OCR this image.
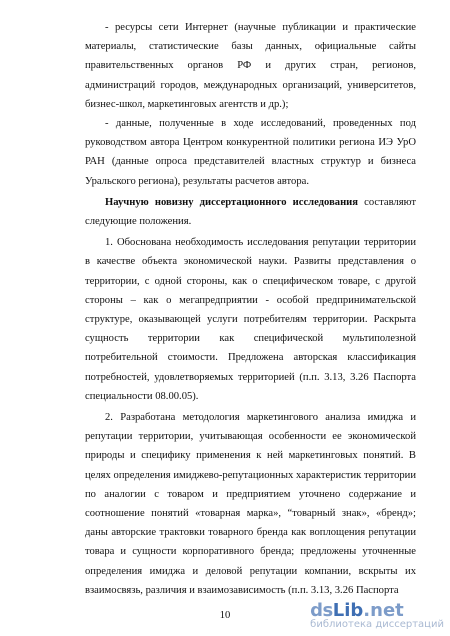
- ресурсы сети Интернет (научные публикации и практические материалы, статистические базы данных, официальные сайты правительственных органов РФ и других стран, регионов, администраций городов, международных организаций, университетов, бизнес-школ, маркетинговых агентств и др.);

- данные, полученные в ходе исследований, проведенных под руководством автора Центром конкурентной политики региона ИЭ УрО РАН (данные опроса представителей властных структур и бизнеса Уральского региона), результаты расчетов автора.

Научную новизну диссертационного исследования составляют следующие положения.

1. Обоснована необходимость исследования репутации территории в качестве объекта экономической науки. Развиты представления о территории, с одной стороны, как о специфическом товаре, с другой стороны – как о мегапредприятии - особой предпринимательской структуре, оказывающей услуги потребителям территории. Раскрыта сущность территории как специфической мультиполезной потребительной стоимости. Предложена авторская классификация потребностей, удовлетворяемых территорией (п.п. 3.13, 3.26 Паспорта специальности 08.00.05).

2. Разработана методология маркетингового анализа имиджа и репутации территории, учитывающая особенности ее экономической природы и специфику применения к ней маркетинговых понятий. В целях определения имиджево-репутационных характеристик территории по аналогии с товаром и предприятием уточнено содержание и соотношение понятий «товарная марка», “товарный знак», «бренд»; даны авторские трактовки товарного бренда как воплощения репутации товара и сущности корпоративного бренда; предложены уточненные определения имиджа и деловой репутации компании, вскрыты их взаимосвязь, различия и взаимозависимость (п.п. 3.13, 3.26 Паспорта

10	ds Lib .net
библиотека диссертаций
